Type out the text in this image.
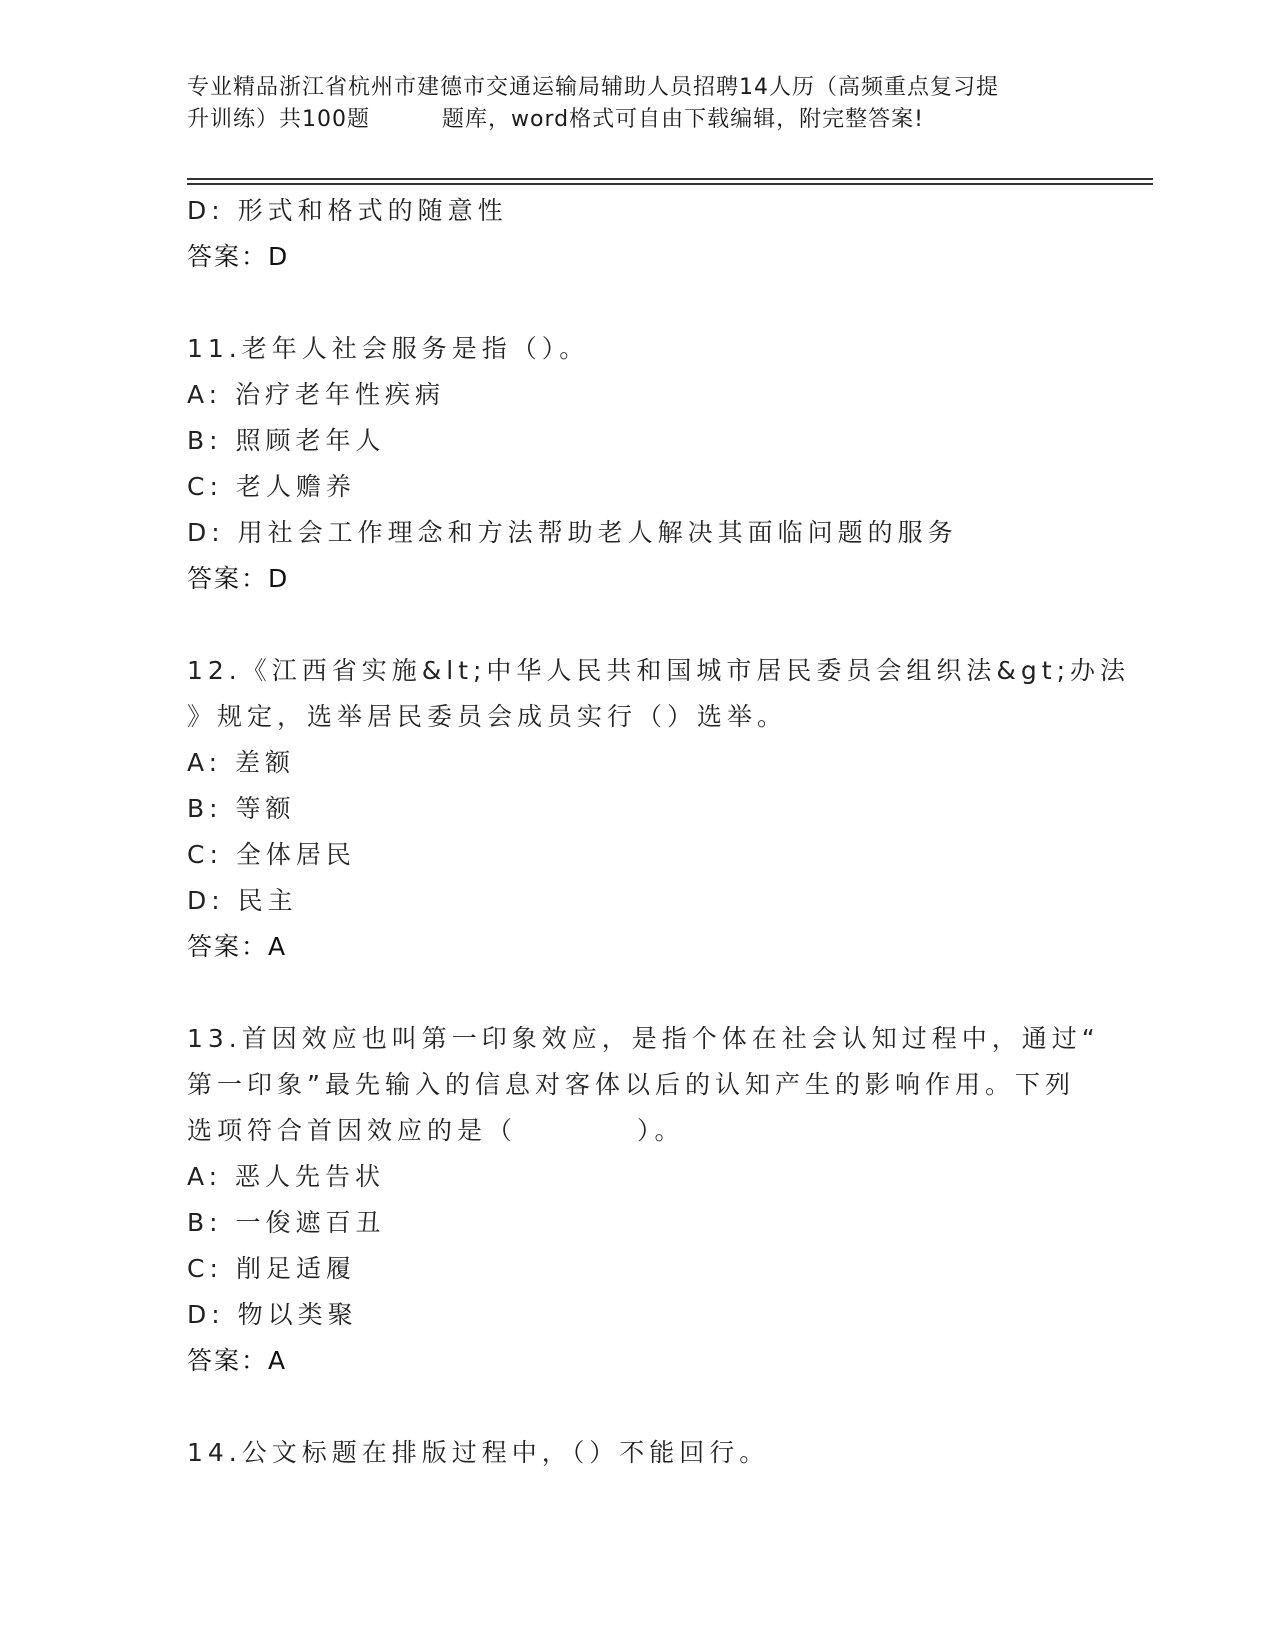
专业精品浙江省杭州市建德市交通运输局辅助人员招聘14人历（高频重点复习提
升训练）共100题	题库，word格式可自由下载编辑，附完整答案!
D: 形式和格式的随意性
答案：D
11.老年人社会服务是指（）。
A: 治疗老年性疾病
B: 照顾老年人
C: 老人赡养
D: 用社会工作理念和方法帮助老人解决其面临问题的服务
答案：D
12.《江西省实施&lt;中华人民共和国城市居民委员会组织法&gt;办法
》规定，选举居民委员会成员实行（）选举。
A: 差额
B: 等额
C: 全体居民
D: 民主
答案：A
13.首因效应也叫第一印象效应，是指个体在社会认知过程中，通过“
第一印象”最先输入的信息对客体以后的认知产生的影响作用。下列
选项符合首因效应的是（	）。
A: 恶人先告状
B: 一俊遮百丑
C: 削足适履
D: 物以类聚
答案：A
14.公文标题在排版过程中，（）不能回行。
